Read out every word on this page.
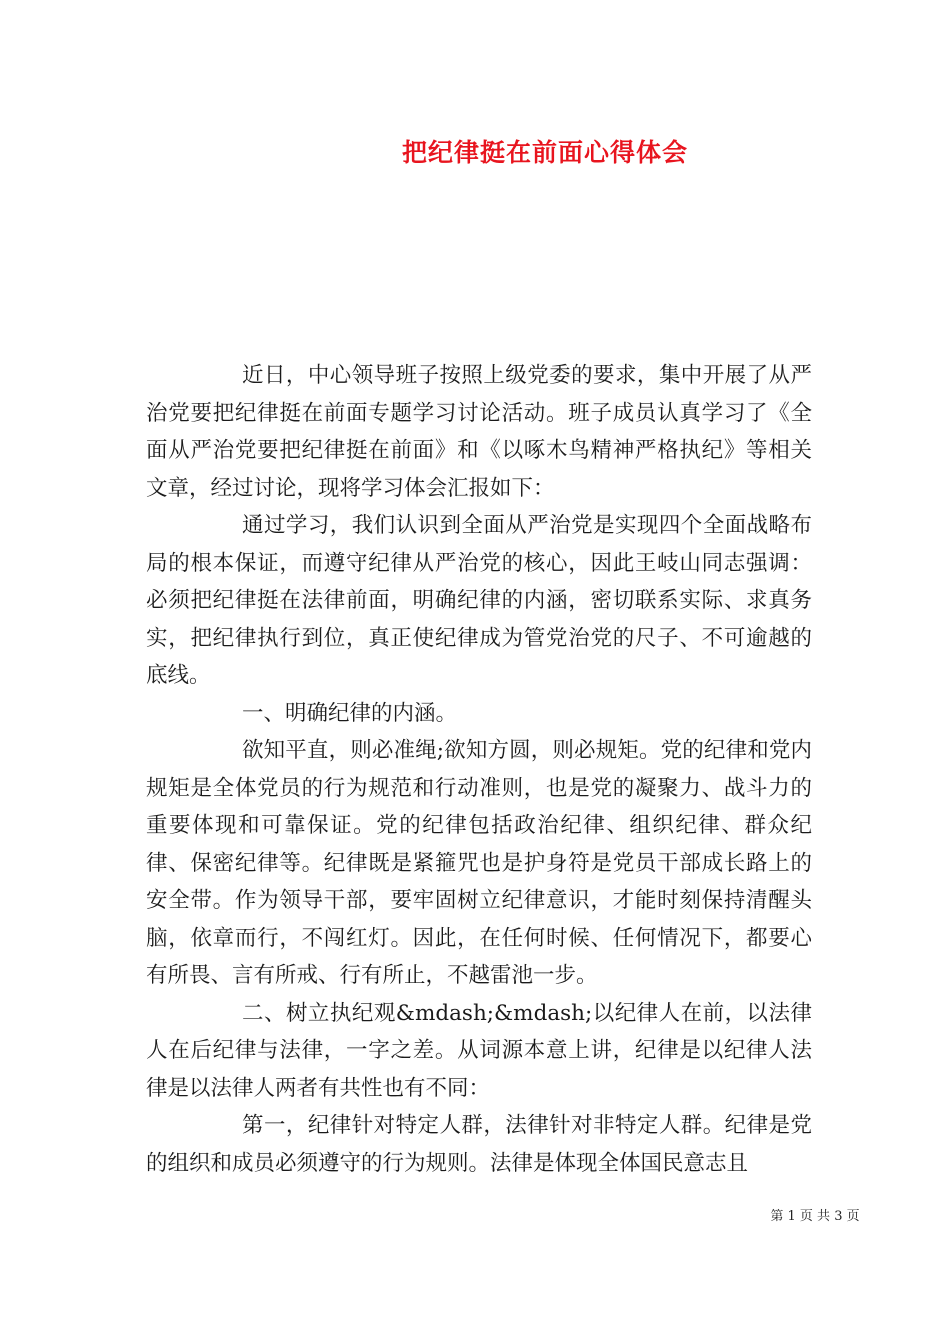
把纪律挺在前面心得体会

近日，中心领导班子按照上级党委的要求，集中开展了从严治党要把纪律挺在前面专题学习讨论活动。班子成员认真学习了《全面从严治党要把纪律挺在前面》和《以啄木鸟精神严格执纪》等相关文章，经过讨论，现将学习体会汇报如下：

通过学习，我们认识到全面从严治党是实现四个全面战略布局的根本保证，而遵守纪律从严治党的核心，因此王岐山同志强调：必须把纪律挺在法律前面，明确纪律的内涵，密切联系实际、求真务实，把纪律执行到位，真正使纪律成为管党治党的尺子、不可逾越的底线。

一、明确纪律的内涵。

欲知平直，则必准绳;欲知方圆，则必规矩。党的纪律和党内规矩是全体党员的行为规范和行动准则，也是党的凝聚力、战斗力的重要体现和可靠保证。党的纪律包括政治纪律、组织纪律、群众纪律、保密纪律等。纪律既是紧箍咒也是护身符是党员干部成长路上的安全带。作为领导干部，要牢固树立纪律意识，才能时刻保持清醒头脑，依章而行，不闯红灯。因此，在任何时候、任何情况下，都要心有所畏、言有所戒、行有所止，不越雷池一步。

二、树立执纪观&mdash;&mdash;以纪律人在前，以法律人在后纪律与法律，一字之差。从词源本意上讲，纪律是以纪律人法律是以法律人两者有共性也有不同：

第一，纪律针对特定人群，法律针对非特定人群。纪律是党的组织和成员必须遵守的行为规则。法律是体现全体国民意志且

第 1 页 共 3 页
